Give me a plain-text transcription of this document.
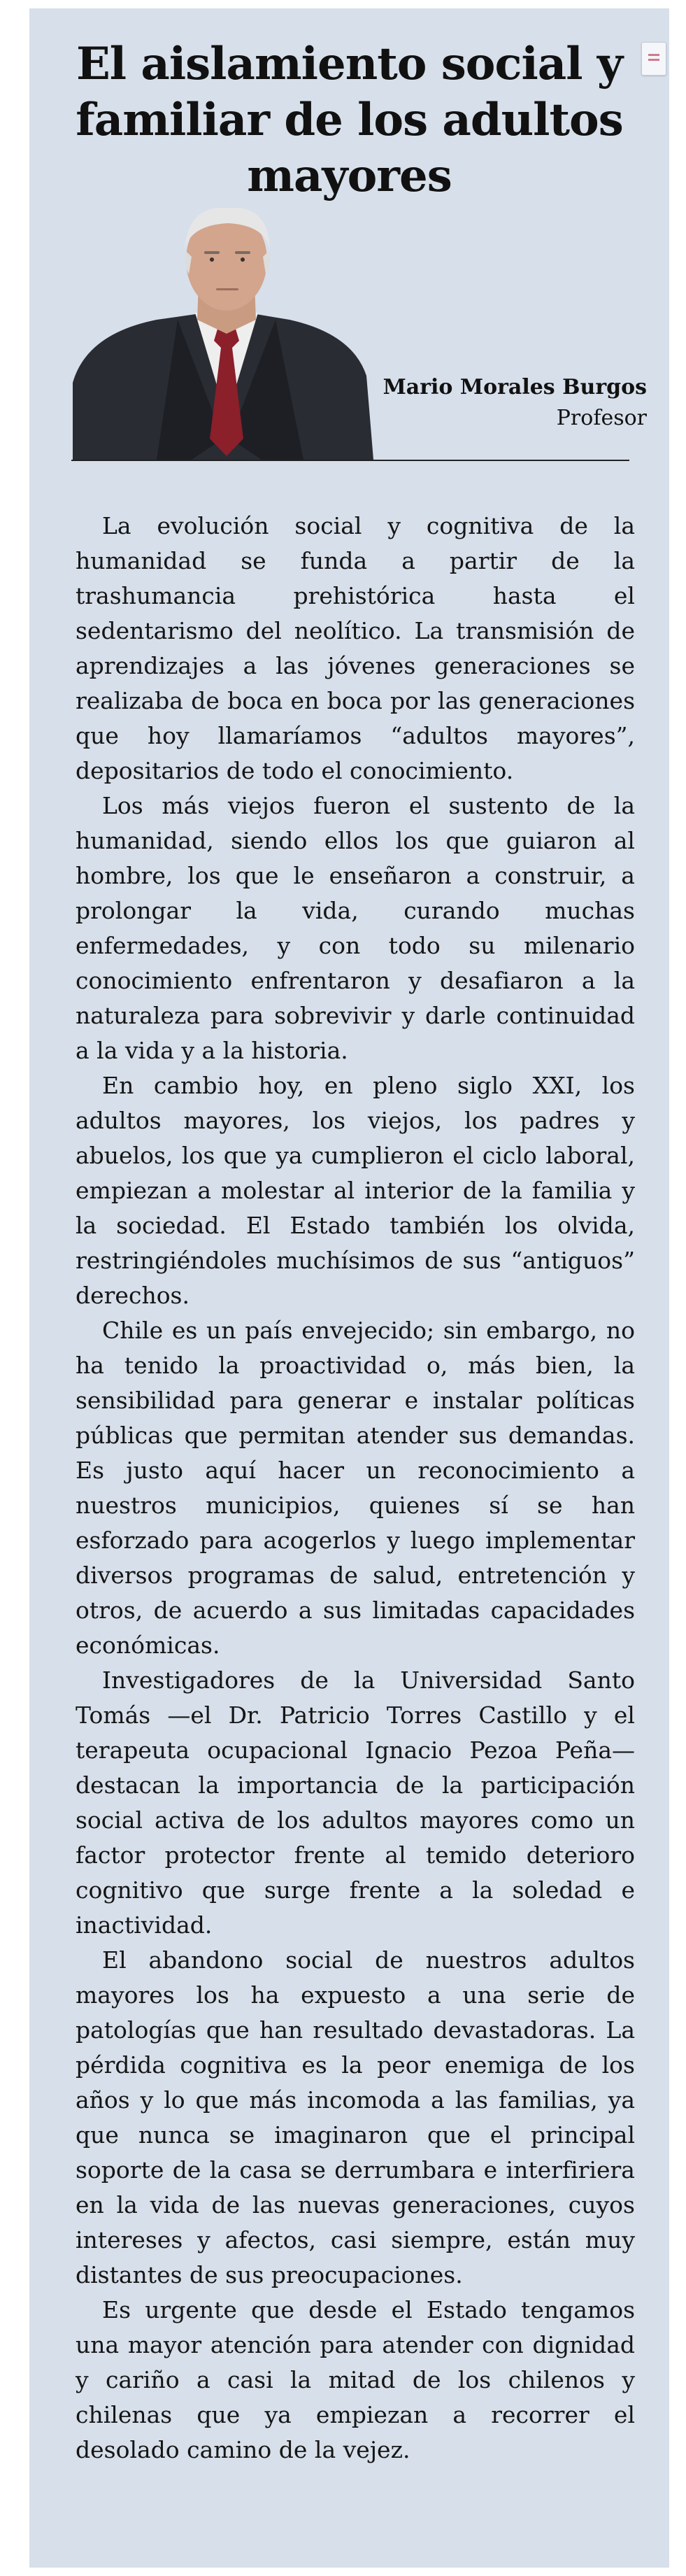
El aislamiento social y familiar de los adultos mayores
Mario Morales Burgos
Profesor

La evolución social y cognitiva de la humanidad se funda a partir de la trashumancia prehistórica hasta el sedentarismo del neolítico. La transmisión de aprendizajes a las jóvenes generaciones se realizaba de boca en boca por las generaciones que hoy llamaríamos “adultos mayores”, depositarios de todo el conocimiento.

Los más viejos fueron el sustento de la humanidad, siendo ellos los que guiaron al hombre, los que le enseñaron a construir, a prolongar la vida, curando muchas enfermedades, y con todo su milenario conocimiento enfrentaron y desafiaron a la naturaleza para sobrevivir y darle continuidad a la vida y a la historia.

En cambio hoy, en pleno siglo XXI, los adultos mayores, los viejos, los padres y abuelos, los que ya cumplieron el ciclo laboral, empiezan a molestar al interior de la familia y la sociedad. El Estado también los olvida, restringiéndoles muchísimos de sus “antiguos” derechos.

Chile es un país envejecido; sin embargo, no ha tenido la proactividad o, más bien, la sensibilidad para generar e instalar políticas públicas que permitan atender sus demandas. Es justo aquí hacer un reconocimiento a nuestros municipios, quienes sí se han esforzado para acogerlos y luego implementar diversos programas de salud, entretención y otros, de acuerdo a sus limitadas capacidades económicas.

Investigadores de la Universidad Santo Tomás —el Dr. Patricio Torres Castillo y el terapeuta ocupacional Ignacio Pezoa Peña— destacan la importancia de la participación social activa de los adultos mayores como un factor protector frente al temido deterioro cognitivo que surge frente a la soledad e inactividad.

El abandono social de nuestros adultos mayores los ha expuesto a una serie de patologías que han resultado devastadoras. La pérdida cognitiva es la peor enemiga de los años y lo que más incomoda a las familias, ya que nunca se imaginaron que el principal soporte de la casa se derrumbara e interfiriera en la vida de las nuevas generaciones, cuyos intereses y afectos, casi siempre, están muy distantes de sus preocupaciones.

Es urgente que desde el Estado tengamos una mayor atención para atender con dignidad y cariño a casi la mitad de los chilenos y chilenas que ya empiezan a recorrer el desolado camino de la vejez.
